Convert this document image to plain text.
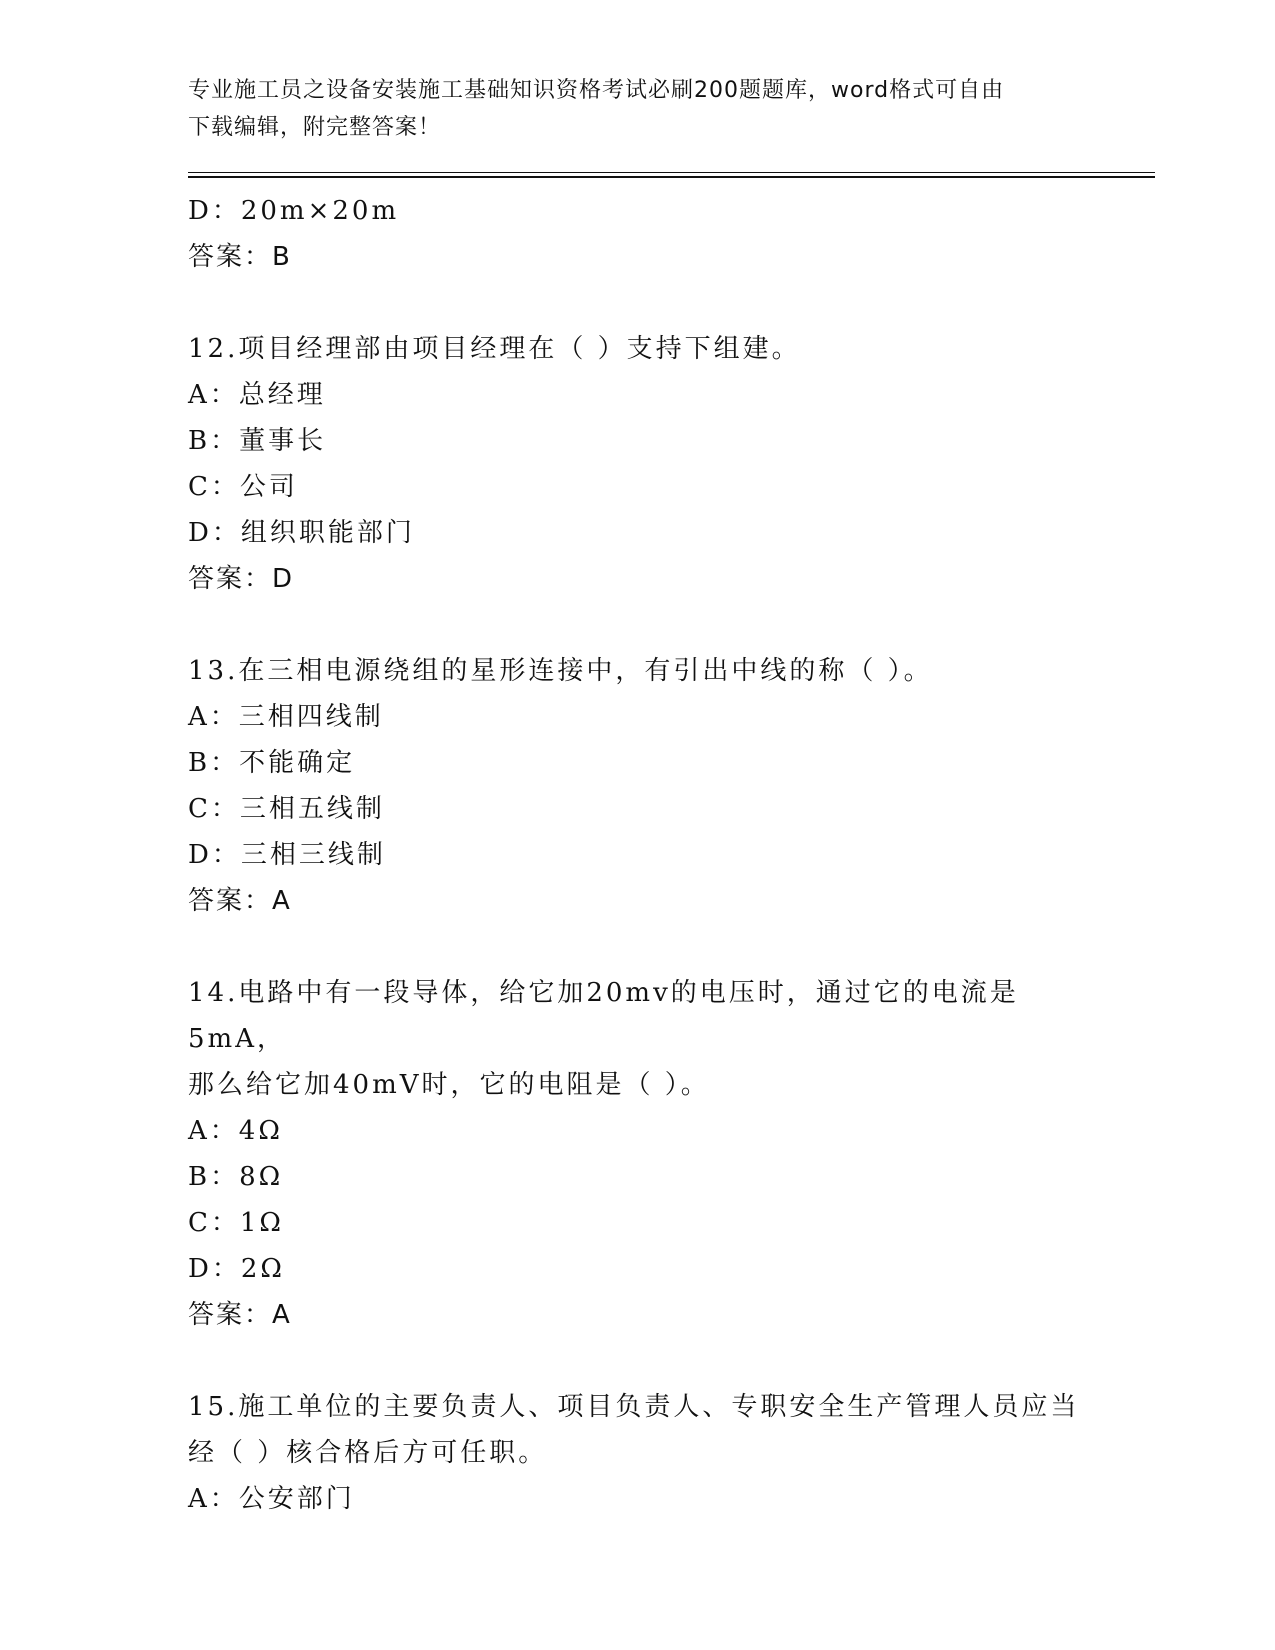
专业施工员之设备安装施工基础知识资格考试必刷200题题库，word格式可自由
下载编辑，附完整答案！
D：20m×20m
答案：B
12.项目经理部由项目经理在（ ）支持下组建。
A：总经理
B：董事长
C：公司
D：组织职能部门
答案：D
13.在三相电源绕组的星形连接中，有引出中线的称（ ）。
A：三相四线制
B：不能确定
C：三相五线制
D：三相三线制
答案：A
14.电路中有一段导体，给它加20mv的电压时，通过它的电流是5mA，
那么给它加40mV时，它的电阻是（ ）。
A：4Ω
B：8Ω
C：1Ω
D：2Ω
答案：A
15.施工单位的主要负责人、项目负责人、专职安全生产管理人员应当
经（ ）核合格后方可任职。
A：公安部门
